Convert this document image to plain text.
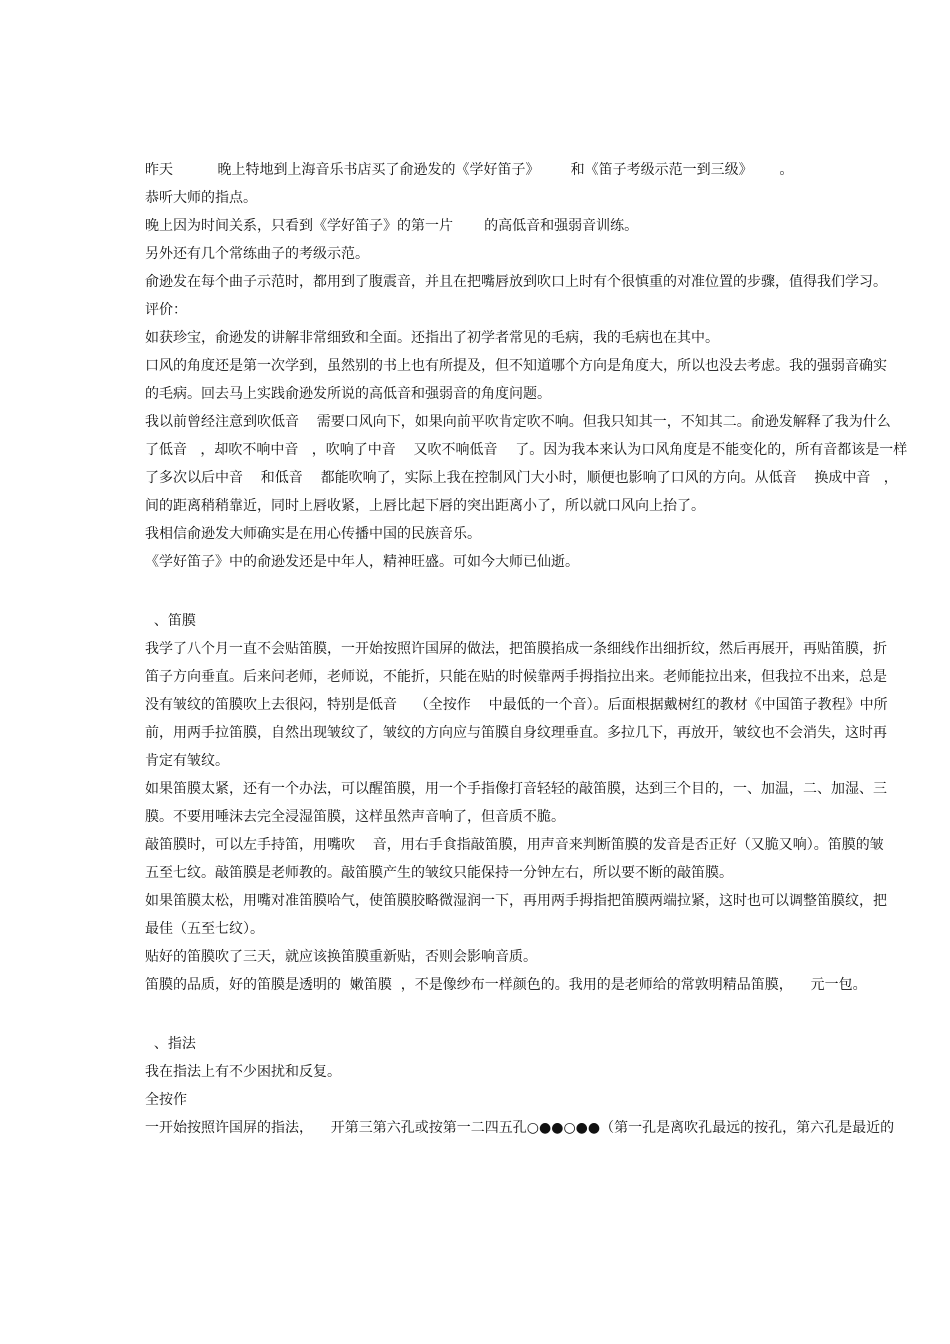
昨天          晚上特地到上海音乐书店买了俞逊发的《学好笛子》       和《笛子考级示范一到三级》      。
恭听大师的指点。
晚上因为时间关系，只看到《学好笛子》的第一片       的高低音和强弱音训练。
另外还有几个常练曲子的考级示范。
俞逊发在每个曲子示范时，都用到了腹震音，并且在把嘴唇放到吹口上时有个很慎重的对准位置的步骤，值得我们学习。
评价：
如获珍宝，俞逊发的讲解非常细致和全面。还指出了初学者常见的毛病，我的毛病也在其中。
口风的角度还是第一次学到，虽然别的书上也有所提及，但不知道哪个方向是角度大，所以也没去考虑。我的强弱音确实
的毛病。回去马上实践俞逊发所说的高低音和强弱音的角度问题。
我以前曾经注意到吹低音    需要口风向下，如果向前平吹肯定吹不响。但我只知其一，不知其二。俞逊发解释了我为什么
了低音   ，却吹不响中音   ，吹响了中音    又吹不响低音    了。因为我本来认为口风角度是不能变化的，所有音都该是一样
了多次以后中音    和低音    都能吹响了，实际上我在控制风门大小时，顺便也影响了口风的方向。从低音    换成中音   ，
间的距离稍稍靠近，同时上唇收紧，上唇比起下唇的突出距离小了，所以就口风向上抬了。
我相信俞逊发大师确实是在用心传播中国的民族音乐。
《学好笛子》中的俞逊发还是中年人，精神旺盛。可如今大师已仙逝。
、笛膜
我学了八个月一直不会贴笛膜，一开始按照许国屏的做法，把笛膜掐成一条细线作出细折纹，然后再展开，再贴笛膜，折
笛子方向垂直。后来问老师，老师说，不能折，只能在贴的时候靠两手拇指拉出来。老师能拉出来，但我拉不出来，总是
没有皱纹的笛膜吹上去很闷，特别是低音    （全按作    中最低的一个音）。后面根据戴树红的教材《中国笛子教程》中所
前，用两手拉笛膜，自然出现皱纹了，皱纹的方向应与笛膜自身纹理垂直。多拉几下，再放开，皱纹也不会消失，这时再
肯定有皱纹。
如果笛膜太紧，还有一个办法，可以醒笛膜，用一个手指像打音轻轻的敲笛膜，达到三个目的，一、加温，二、加湿、三
膜。不要用唾沫去完全浸湿笛膜，这样虽然声音响了，但音质不脆。
敲笛膜时，可以左手持笛，用嘴吹    音，用右手食指敲笛膜，用声音来判断笛膜的发音是否正好（又脆又响）。笛膜的皱
五至七纹。敲笛膜是老师教的。敲笛膜产生的皱纹只能保持一分钟左右，所以要不断的敲笛膜。
如果笛膜太松，用嘴对准笛膜哈气，使笛膜胶略微湿润一下，再用两手拇指把笛膜两端拉紧，这时也可以调整笛膜纹，把
最佳（五至七纹）。
贴好的笛膜吹了三天，就应该换笛膜重新贴，否则会影响音质。
笛膜的品质，好的笛膜是透明的  嫩笛膜  ，不是像纱布一样颜色的。我用的是老师给的常敦明精品笛膜，    元一包。
、指法
我在指法上有不少困扰和反复。
全按作
一开始按照许国屏的指法，    开第三第六孔或按第一二四五孔○●●○●●（第一孔是离吹孔最远的按孔，第六孔是最近的
